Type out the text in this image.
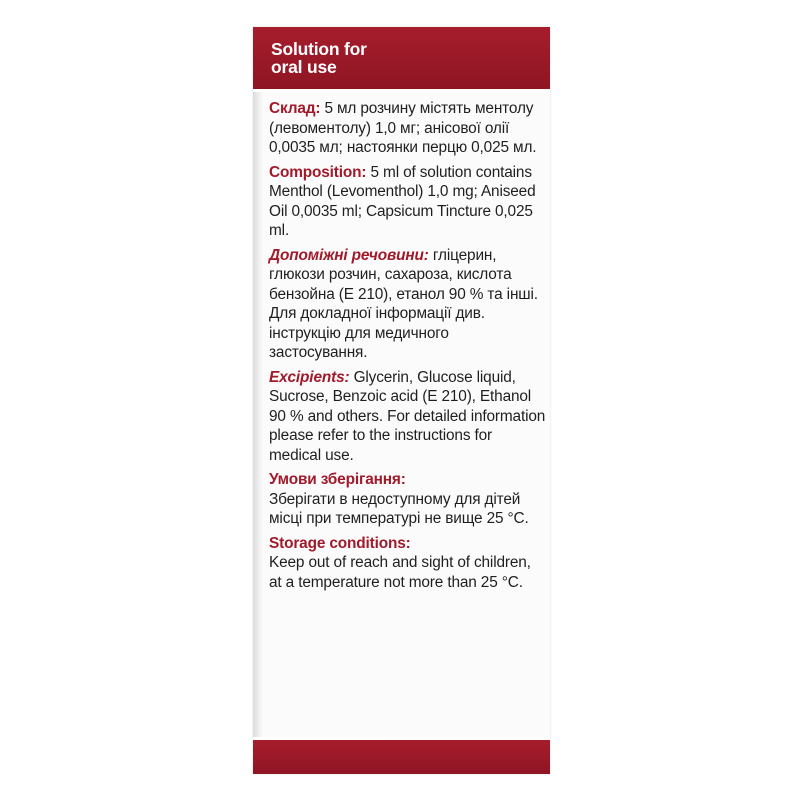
Solution for
oral use

Склад: 5 мл розчину містять ментолу (левоментолу) 1,0 мг; анісової олії 0,0035 мл; настоянки перцю 0,025 мл.

Composition: 5 ml of solution contains Menthol (Levomenthol) 1,0 mg; Aniseed Oil 0,0035 ml; Capsicum Tincture 0,025 ml.

Допоміжні речовини: гліцерин, глюкози розчин, сахароза, кислота бензойна (Е 210), етанол 90 % та інші.

Для докладної інформації див. інструкцію для медичного застосування.

Excipients: Glycerin, Glucose liquid, Sucrose, Benzoic acid (E 210), Ethanol 90 % and others. For detailed information please refer to the instructions for medical use.

Умови зберігання:
Зберігати в недоступному для дітей місці при температурі не вище 25 °С.

Storage conditions:
Keep out of reach and sight of children, at a temperature not more than 25 °C.
